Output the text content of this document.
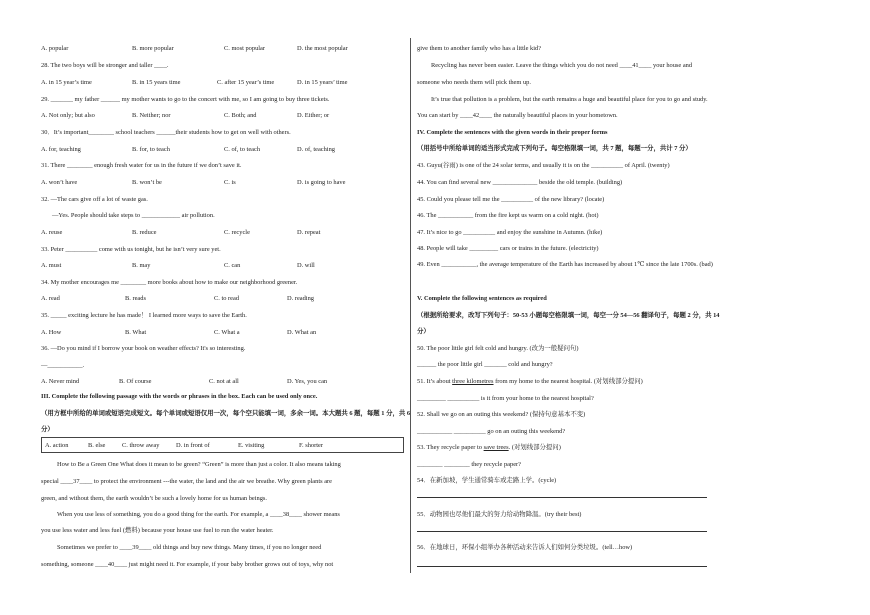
A. popular	B. more popular	C. most popular	D. the most popular
28. The two boys will be stronger and taller ____.
A. in 15 year’s time	B. in 15 years time	C. after 15 year’s time	D. in 15 years’ time
29. _______ my father ______ my mother wants to go to the concert with me, so I am going to buy three tickets.
A. Not only; but also	B. Neither; nor	C. Both; and	D. Either; or
30．It’s important________ school teachers ______their students how to get on well with others.
A. for, teaching	B. for, to teach	C. of, to teach	D. of, teaching
31. There ________ enough fresh water for us in the future if we don’t save it.
A. won’t have	B. won’t be	C. is	D. is going to have
32. —The cars give off a lot of waste gas.
—Yes. People should take steps to ____________ air pollution.
A. reuse	B. reduce	C. recycle	D. repeat
33. Peter __________ come with us tonight, but he isn’t very sure yet.
A. must	B. may	C. can	D. will
34. My mother encourages me ________ more books about how to make our neighborhood greener.
A. read	B. reads	C. to read	D. reading
35. _____ exciting lecture he has made！ I learned more ways to save the Earth.
A. How	B. What	C. What a	D. What an
36. —Do you mind if I borrow your book on weather effects? It's so interesting.
—___________.
A. Never mind	B. Of course	C. not at all	D. Yes, you can
III. Complete the following passage with the words or phrases in the box. Each can be used only once.
（用方框中所给的单词或短语完成短文。每个单词或短语仅用一次，每个空只能填一词，多余一词。本大题共 6 题，每题 1 分，共 6
分）
A. action	B. else	C. throw away	D. in front of	E. visiting	F. shorter
How to Be a Green One What does it mean to be green? “Green” is more than just a color. It also means taking
special ____37____ to protect the environment ---the water, the land and the air we breathe. Why green plants are
green, and without them, the earth wouldn’t be such a lovely home for us human beings.
When you use less of something, you do a good thing for the earth. For example, a ____38____ shower means
you use less water and less fuel (燃料) because your house use fuel to run the water heater.
Sometimes we prefer to ____39____ old things and buy new things. Many times, if you no longer need
something, someone ____40____ just might need it. For example, if your baby brother grows out of toys, why not
give them to another family who has a little kid?
Recycling has never been easier. Leave the things which you do not need ____41____ your house and
someone who needs them will pick them up.
It’s true that pollution is a problem, but the earth remains a huge and beautiful place for you to go and study.
You can start by ____42____ the naturally beautiful places in your hometown.
IV. Complete the sentences with the given words in their proper forms
（用括号中所给单词的适当形式完成下列句子。每空格限填一词，共 7 题，每题一分，共计 7 分）
43. Guyu(谷雨) is one of the 24 solar terms, and usually it is on the __________ of April. (twenty)
44. You can find several new ______________ beside the old temple. (building)
45. Could you please tell me the __________ of the new library? (locate)
46. The ___________ from the fire kept us warm on a cold night. (hot)
47. It’s nice to go __________ and enjoy the sunshine in Autumn. (hike)
48. People will take _________ cars or trains in the future. (electricity)
49. Even ___________, the average temperature of the Earth has increased by about 1℃ since the late 1700s. (bad)
V. Complete the following sentences as required
（根据所给要求，改写下列句子：50-53 小题每空格限填一词，每空一分 54—56 翻译句子，每题 2 分，共 14
分）
50. The poor little girl felt cold and hungry. (改为一般疑问句)
______ the poor little girl _______ cold and hungry?
51. It’s about three kilometres from my home to the nearest hospital. (对划线部分提问)
_________ __________ is it from your home to the nearest hospital?
52. Shall we go on an outing this weekend? (保持句意基本不变)
___________ __________ go on an outing this weekend?
53. They recycle paper to save trees. (对划线部分提问)
________ ________ they recycle paper?
54．在新加坡，学生通常骑车或走路上学。(cycle)
55．动物园也尽他们最大的努力给动物降温。(try their best)
56．在地球日，环保小组举办各种活动来告诉人们如何分类垃圾。(tell…how)
